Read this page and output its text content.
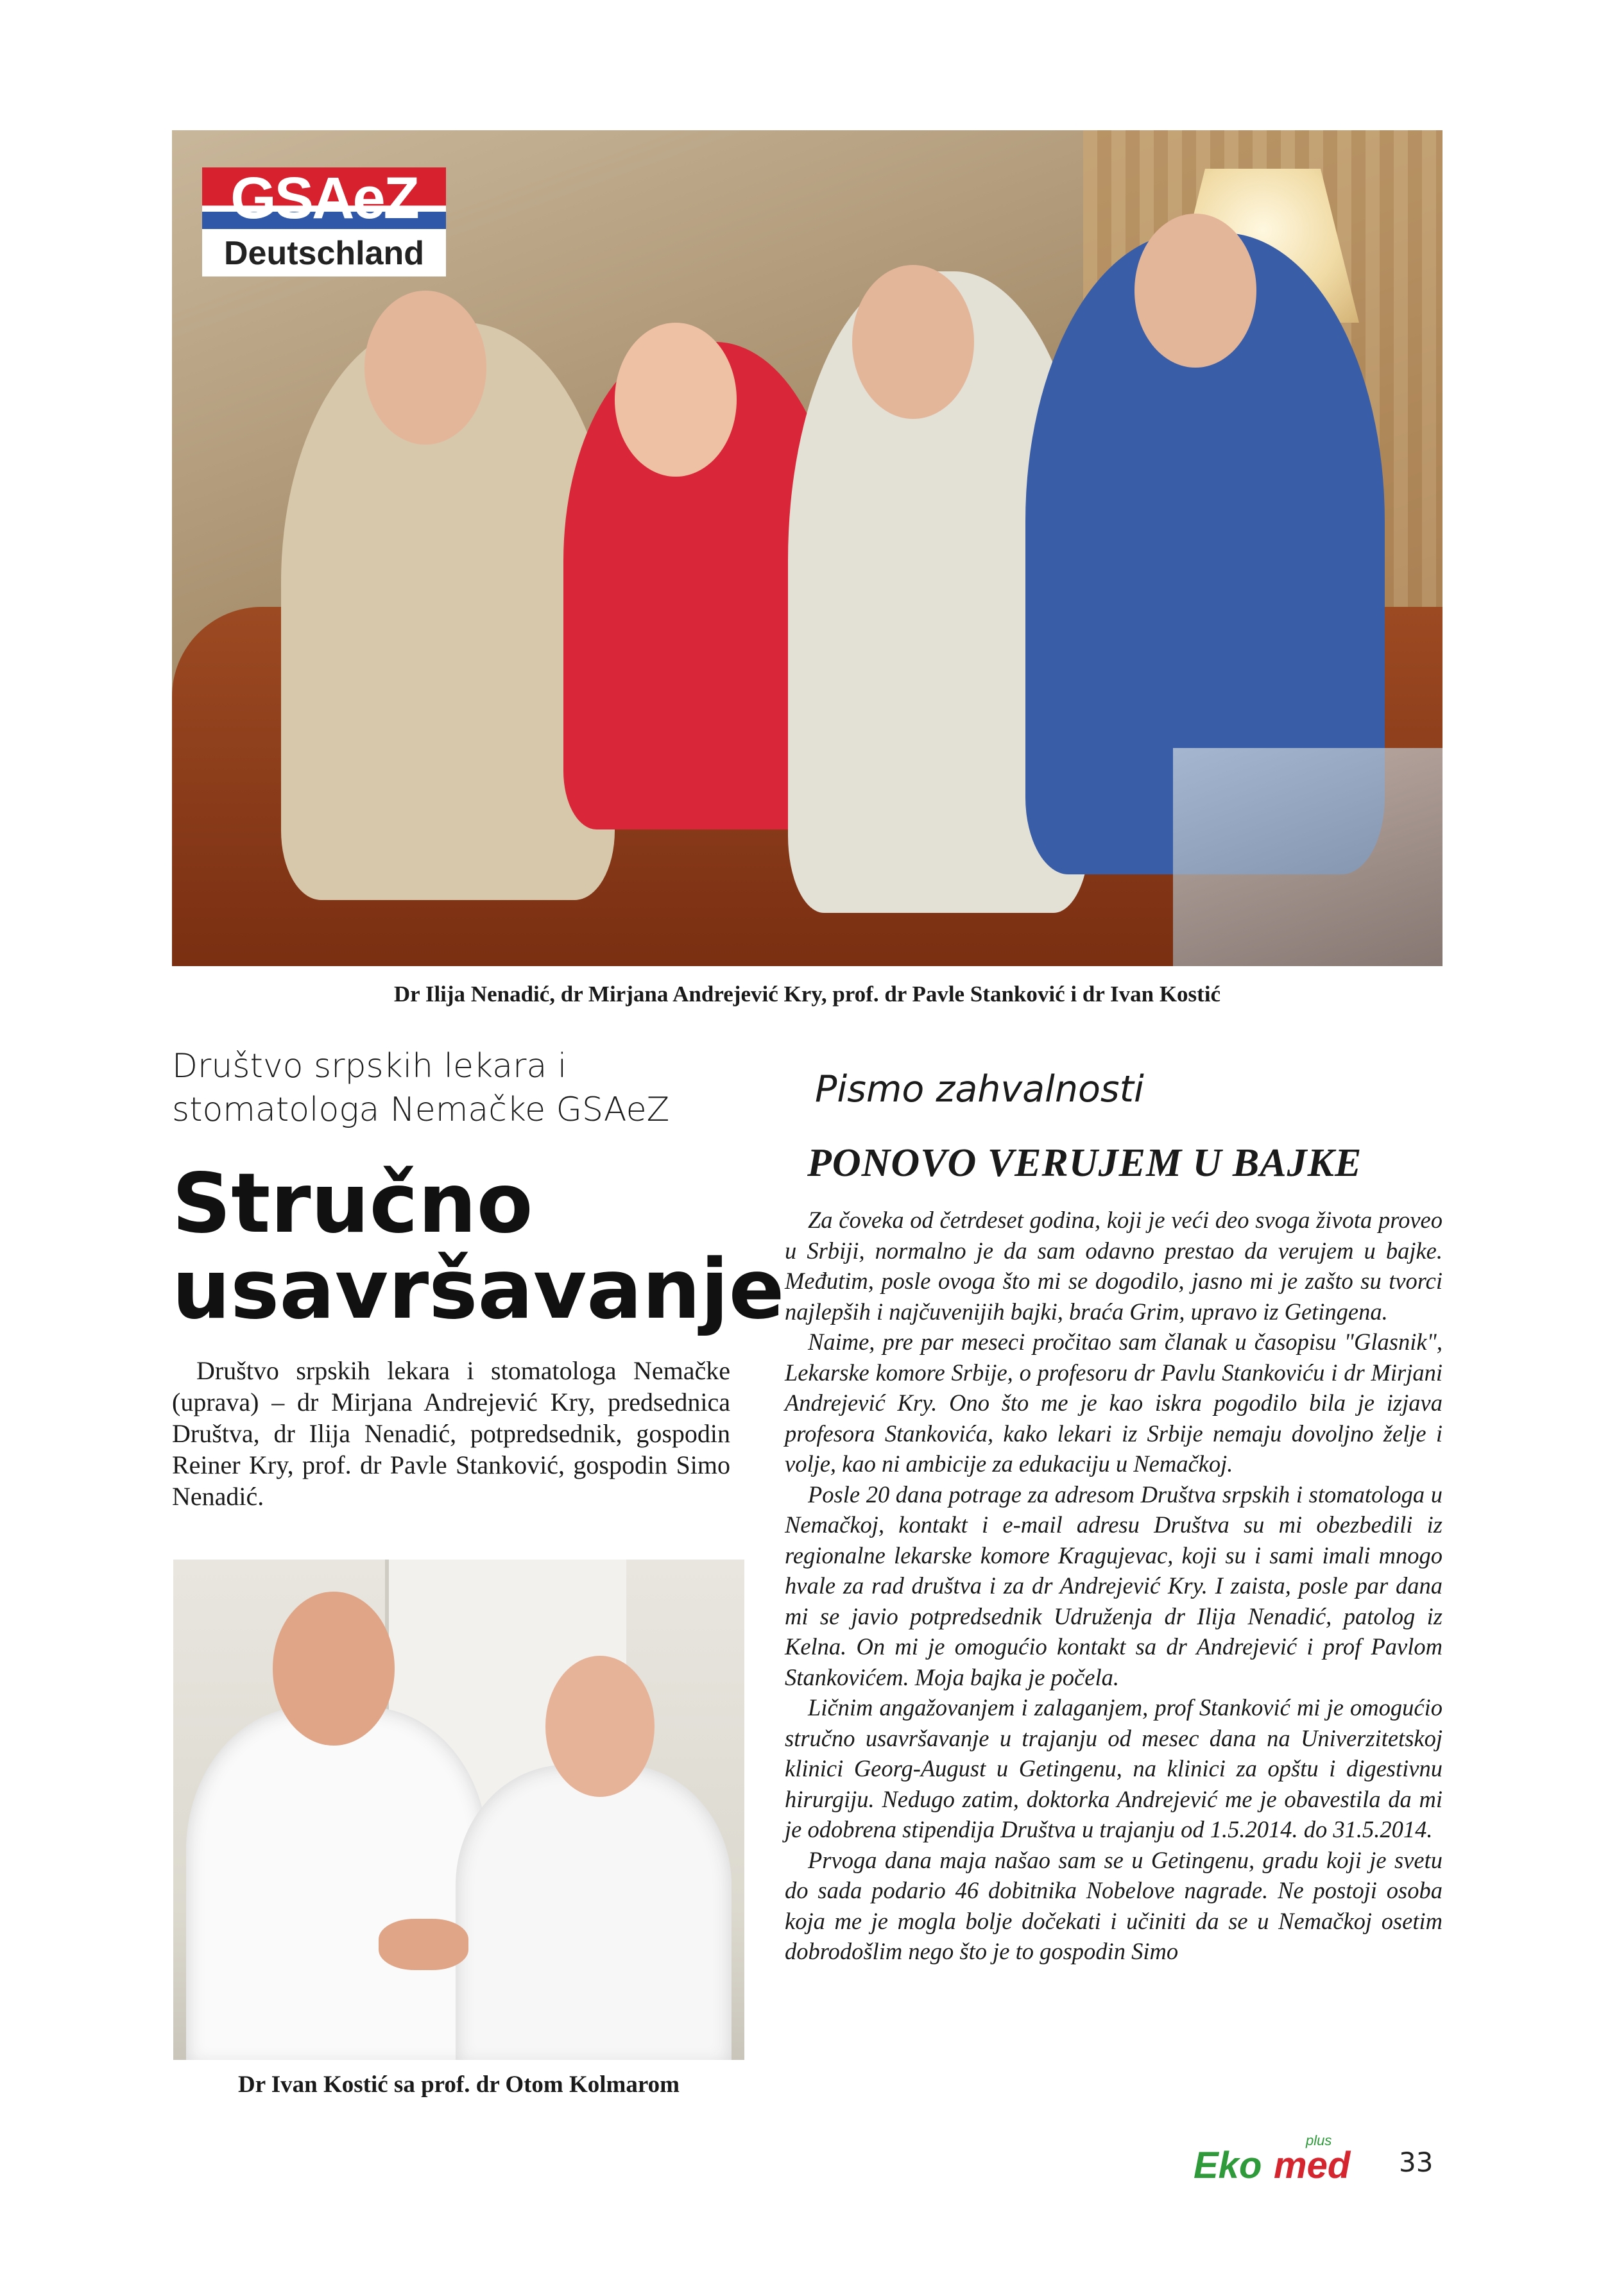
GSAeZ
Deutschland
Dr Ilija Nenadić, dr Mirjana Andrejević Kry, prof. dr Pavle Stanković i dr Ivan Kostić
Društvo srpskih lekara i stomatologa Nemačke GSAeZ
Stručno usavršavanje
Društvo srpskih lekara i stomatologa Nemačke (uprava) – dr Mirjana Andrejević Kry, predsednica Društva, dr Ilija Nenadić, potpredsednik, gospodin Reiner Kry, prof. dr Pavle Stanković, gospodin Simo Nenadić.
Dr Ivan Kostić sa prof. dr Otom Kolmarom
Pismo zahvalnosti
PONOVO VERUJEM U BAJKE

Za čoveka od četrdeset godina, koji je veći deo svoga života proveo u Srbiji, normalno je da sam odavno prestao da verujem u bajke. Međutim, posle ovoga što mi se dogodilo, jasno mi je zašto su tvorci najlepših i najčuvenijih bajki, braća Grim, upravo iz Getingena.

Naime, pre par meseci pročitao sam članak u časopisu "Glasnik", Lekarske komore Srbije, o profesoru dr Pavlu Stankoviću i dr Mirjani Andrejević Kry. Ono što me je kao iskra pogodilo bila je izjava profesora Stankovića, kako lekari iz Srbije nemaju dovoljno želje i volje, kao ni ambicije za edukaciju u Nemačkoj.

Posle 20 dana potrage za adresom Društva srpskih i stomatologa u Nemačkoj, kontakt i e-mail adresu Društva su mi obezbedili iz regionalne lekarske komore Kragujevac, koji su i sami imali mnogo hvale za rad društva i za dr Andrejević Kry. I zaista, posle par dana mi se javio potpredsednik Udruženja dr Ilija Nenadić, patolog iz Kelna. On mi je omogućio kontakt sa dr Andrejević i prof Pavlom Stankovićem. Moja bajka je počela.

Ličnim angažovanjem i zalaganjem, prof Stanković mi je omogućio stručno usavršavanje u trajanju od mesec dana na Univerzitetskoj klinici Georg-August u Getingenu, na klinici za opštu i digestivnu hirurgiju. Nedugo zatim, doktorka Andrejević me je obavestila da mi je odobrena stipendija Društva u trajanju od 1.5.2014. do 31.5.2014.

Prvoga dana maja našao sam se u Getingenu, gradu koji je svetu do sada podario 46 dobitnika Nobelove nagrade. Ne postoji osoba koja me je mogla bolje dočekati i učiniti da se u Nemačkoj osetim dobrodošlim nego što je to gospodin Simo

Eko med
plus
33
